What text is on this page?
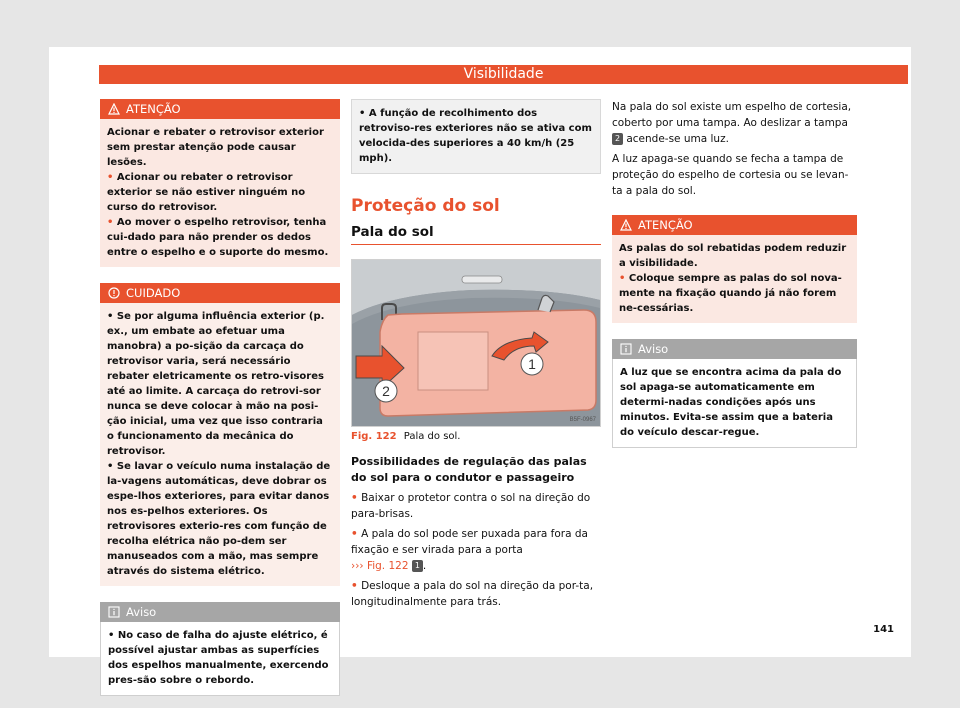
Visibilidade
ATENÇÃO
Acionar e rebater o retrovisor exterior sem prestar atenção pode causar lesões.
• Acionar ou rebater o retrovisor exterior se não estiver ninguém no curso do retrovisor.
• Ao mover o espelho retrovisor, tenha cui-dado para não prender os dedos entre o espelho e o suporte do mesmo.
CUIDADO
• Se por alguma influência exterior (p. ex., um embate ao efetuar uma manobra) a po-sição da carcaça do retrovisor varia, será necessário rebater eletricamente os retro-visores até ao limite. A carcaça do retrovi-sor nunca se deve colocar à mão na posi-ção inicial, uma vez que isso contraria o funcionamento da mecânica do retrovisor.
• Se lavar o veículo numa instalação de la-vagens automáticas, deve dobrar os espe-lhos exteriores, para evitar danos nos es-pelhos exteriores. Os retrovisores exterio-res com função de recolha elétrica não po-dem ser manuseados com a mão, mas sempre através do sistema elétrico.
Aviso
• No caso de falha do ajuste elétrico, é possível ajustar ambas as superfícies dos espelhos manualmente, exercendo pres-são sobre o rebordo.
• A função de recolhimento dos retroviso-res exteriores não se ativa com velocida-des superiores a 40 km/h (25 mph).
Proteção do sol
Pala do sol
1
2
B5F-0967
Fig. 122 Pala do sol.
Possibilidades de regulação das palas do sol para o condutor e passageiro
• Baixar o protetor contra o sol na direção do para-brisas.
• A pala do sol pode ser puxada para fora da fixação e ser virada para a porta
››› Fig. 122 1 .
• Desloque a pala do sol na direção da por-ta, longitudinalmente para trás.
Na pala do sol existe um espelho de cortesia, coberto por uma tampa. Ao deslizar a tampa 2 acende-se uma luz.
A luz apaga-se quando se fecha a tampa de proteção do espelho de cortesia ou se levan-ta a pala do sol.
ATENÇÃO
As palas do sol rebatidas podem reduzir a visibilidade.
• Coloque sempre as palas do sol nova-mente na fixação quando já não forem ne-cessárias.
Aviso
A luz que se encontra acima da pala do sol apaga-se automaticamente em determi-nadas condições após uns minutos. Evita-se assim que a bateria do veículo descar-regue.
141
